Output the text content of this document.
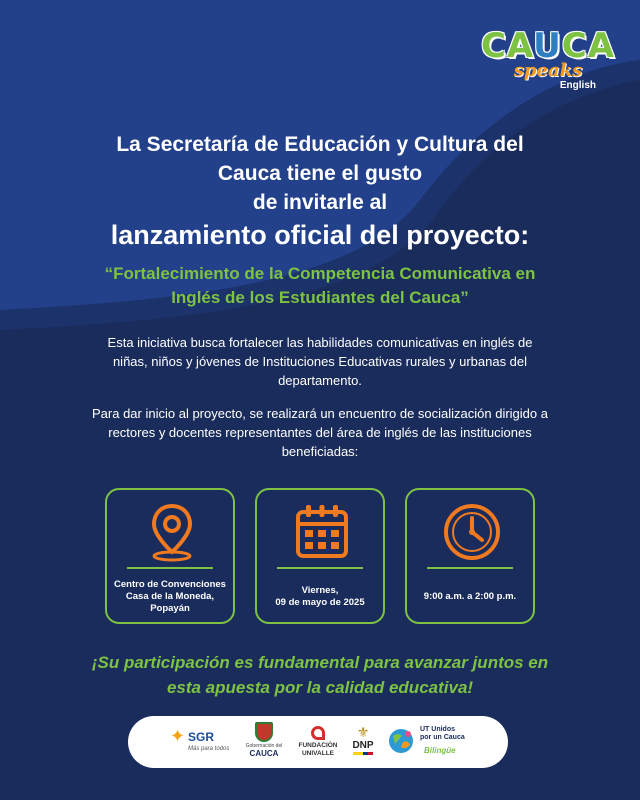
CAUCA
speaks
English
La Secretaría de Educación y Cultura del
Cauca tiene el gusto
de invitarle al
lanzamiento oficial del proyecto:
“Fortalecimiento de la Competencia Comunicativa en
Inglés de los Estudiantes del Cauca”
Esta iniciativa busca fortalecer las habilidades comunicativas en inglés de
niñas, niños y jóvenes de Instituciones Educativas rurales y urbanas del
departamento.
Para dar inicio al proyecto, se realizará un encuentro de socialización dirigido a
rectores y docentes representantes del área de inglés de las instituciones
beneficiadas:
Centro de Convenciones
Casa de la Moneda,
Popayán
Viernes,
09 de mayo de 2025
9:00 a.m. a 2:00 p.m.
¡Su participación es fundamental para avanzar juntos en
esta apuesta por la calidad educativa!
✦ SGR
Más para todos	Gobernación del
CAUCA
FUNDACIÓN
UNIVALLE
⚜
DNP
UT Unidos
por un Cauca
Bilingüe
